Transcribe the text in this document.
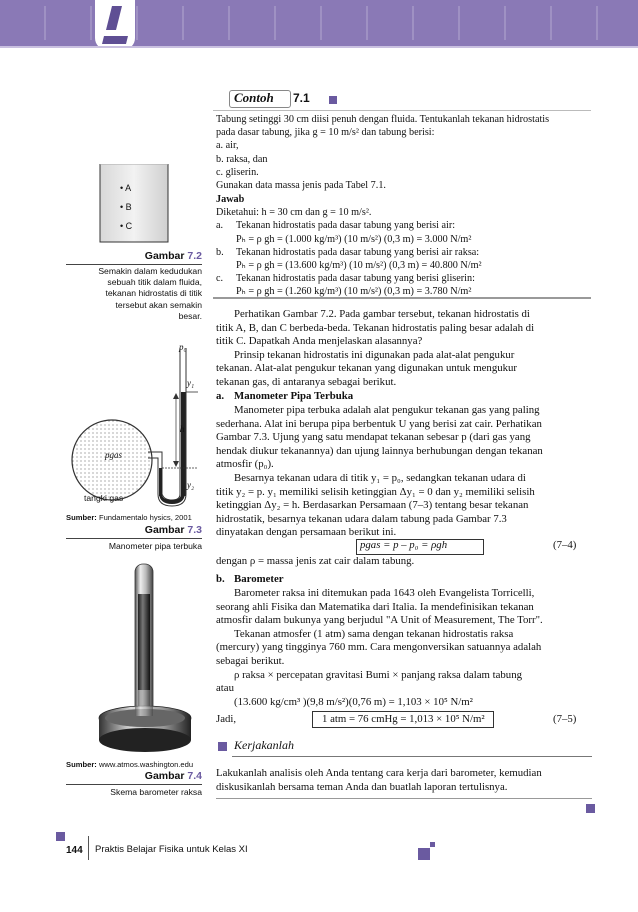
• A
• B
• C
Gambar 7.2
Semakin dalam kedudukan
sebuah titik dalam fluida,
tekanan hidrostatis di titik
tersebut akan semakin
besar.
p₀
y₁
h
y₂
pgas
tangki gas
Sumber: Fundamentalo hysics, 2001
Gambar 7.3
Manometer pipa terbuka
Sumber: www.atmos.washington.edu
Gambar 7.4
Skema barometer raksa
Contoh 7.1
Tabung setinggi 30 cm diisi penuh dengan fluida. Tentukanlah tekanan hidrostatis
pada dasar tabung, jika g = 10 m/s² dan tabung berisi:
a. air,
b. raksa, dan
c. gliserin.
Gunakan data massa jenis pada Tabel 7.1.
Jawab
Diketahui: h = 30 cm dan g = 10 m/s².
a.	Tekanan hidrostatis pada dasar tabung yang berisi air:
Pₕ = ρ gh = (1.000 kg/m³) (10 m/s²) (0,3 m) = 3.000 N/m²
b.	Tekanan hidrostatis pada dasar tabung yang berisi air raksa:
Pₕ = ρ gh = (13.600 kg/m³) (10 m/s²) (0,3 m) = 40.800 N/m²
c.	Tekanan hidrostatis pada dasar tabung yang berisi gliserin:
Pₕ = ρ gh = (1.260 kg/m³) (10 m/s²) (0,3 m) = 3.780 N/m²
Perhatikan Gambar 7.2. Pada gambar tersebut, tekanan hidrostatis di
titik A, B, dan C berbeda-beda. Tekanan hidrostatis paling besar adalah di
titik C. Dapatkah Anda menjelaskan alasannya?
Prinsip tekanan hidrostatis ini digunakan pada alat-alat pengukur
tekanan. Alat-alat pengukur tekanan yang digunakan untuk mengukur
tekanan gas, di antaranya sebagai berikut.
a. Manometer Pipa Terbuka
Manometer pipa terbuka adalah alat pengukur tekanan gas yang paling
sederhana. Alat ini berupa pipa berbentuk U yang berisi zat cair. Perhatikan
Gambar 7.3. Ujung yang satu mendapat tekanan sebesar p (dari gas yang
hendak diukur tekanannya) dan ujung lainnya berhubungan dengan tekanan
atmosfir (p₀).
Besarnya tekanan udara di titik y₁ = p₀, sedangkan tekanan udara di
titik y₂ = p. y₁ memiliki selisih ketinggian Δy₁ = 0 dan y₂ memiliki selisih
ketinggian Δy₂ = h. Berdasarkan Persamaan (7–3) tentang besar tekanan
hidrostatik, besarnya tekanan udara dalam tabung pada Gambar 7.3
dinyatakan dengan persamaan berikut ini.
pgas = p – p₀ = ρgh	(7–4)
dengan ρ = massa jenis zat cair dalam tabung.
b. Barometer
Barometer raksa ini ditemukan pada 1643 oleh Evangelista Torricelli,
seorang ahli Fisika dan Matematika dari Italia. Ia mendefinisikan tekanan
atmosfir dalam bukunya yang berjudul "A Unit of Measurement, The Torr".
Tekanan atmosfer (1 atm) sama dengan tekanan hidrostatis raksa
(mercury) yang tingginya 760 mm. Cara mengonversikan satuannya adalah
sebagai berikut.
ρ raksa × percepatan gravitasi Bumi × panjang raksa dalam tabung
atau
(13.600 kg/cm³ )(9,8 m/s²)(0,76 m) = 1,103 × 10⁵ N/m²
Jadi,	1 atm = 76 cmHg = 1,013 × 10⁵ N/m²	(7–5)
Kerjakanlah
Lakukanlah analisis oleh Anda tentang cara kerja dari barometer, kemudian
diskusikanlah bersama teman Anda dan buatlah laporan tertulisnya.
144 Praktis Belajar Fisika untuk Kelas XI
